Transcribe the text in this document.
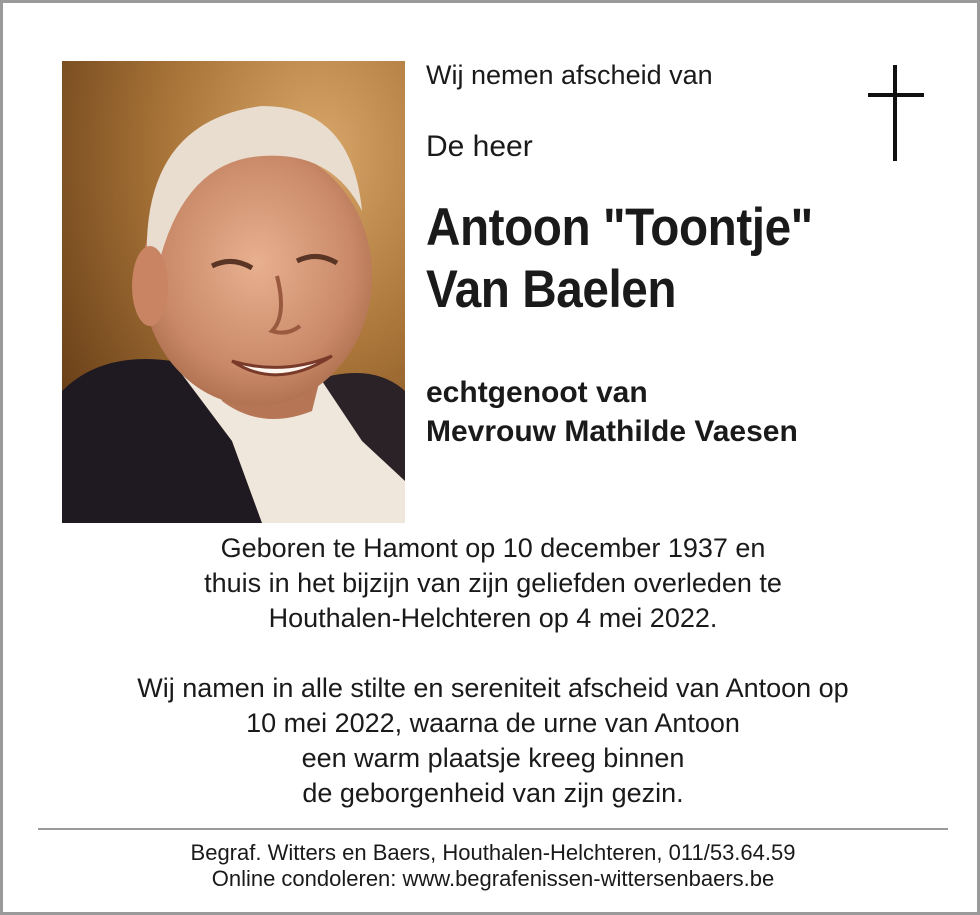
Wij nemen afscheid van
De heer
Antoon "Toontje"
Van Baelen
echtgenoot van
Mevrouw Mathilde Vaesen
Geboren te Hamont op 10 december 1937 en
thuis in het bijzijn van zijn geliefden overleden te
Houthalen-Helchteren op 4 mei 2022.
Wij namen in alle stilte en sereniteit afscheid van Antoon op
10 mei 2022, waarna de urne van Antoon
een warm plaatsje kreeg binnen
de geborgenheid van zijn gezin.
Begraf. Witters en Baers, Houthalen-Helchteren, 011/53.64.59
Online condoleren: www.begrafenissen-wittersenbaers.be
